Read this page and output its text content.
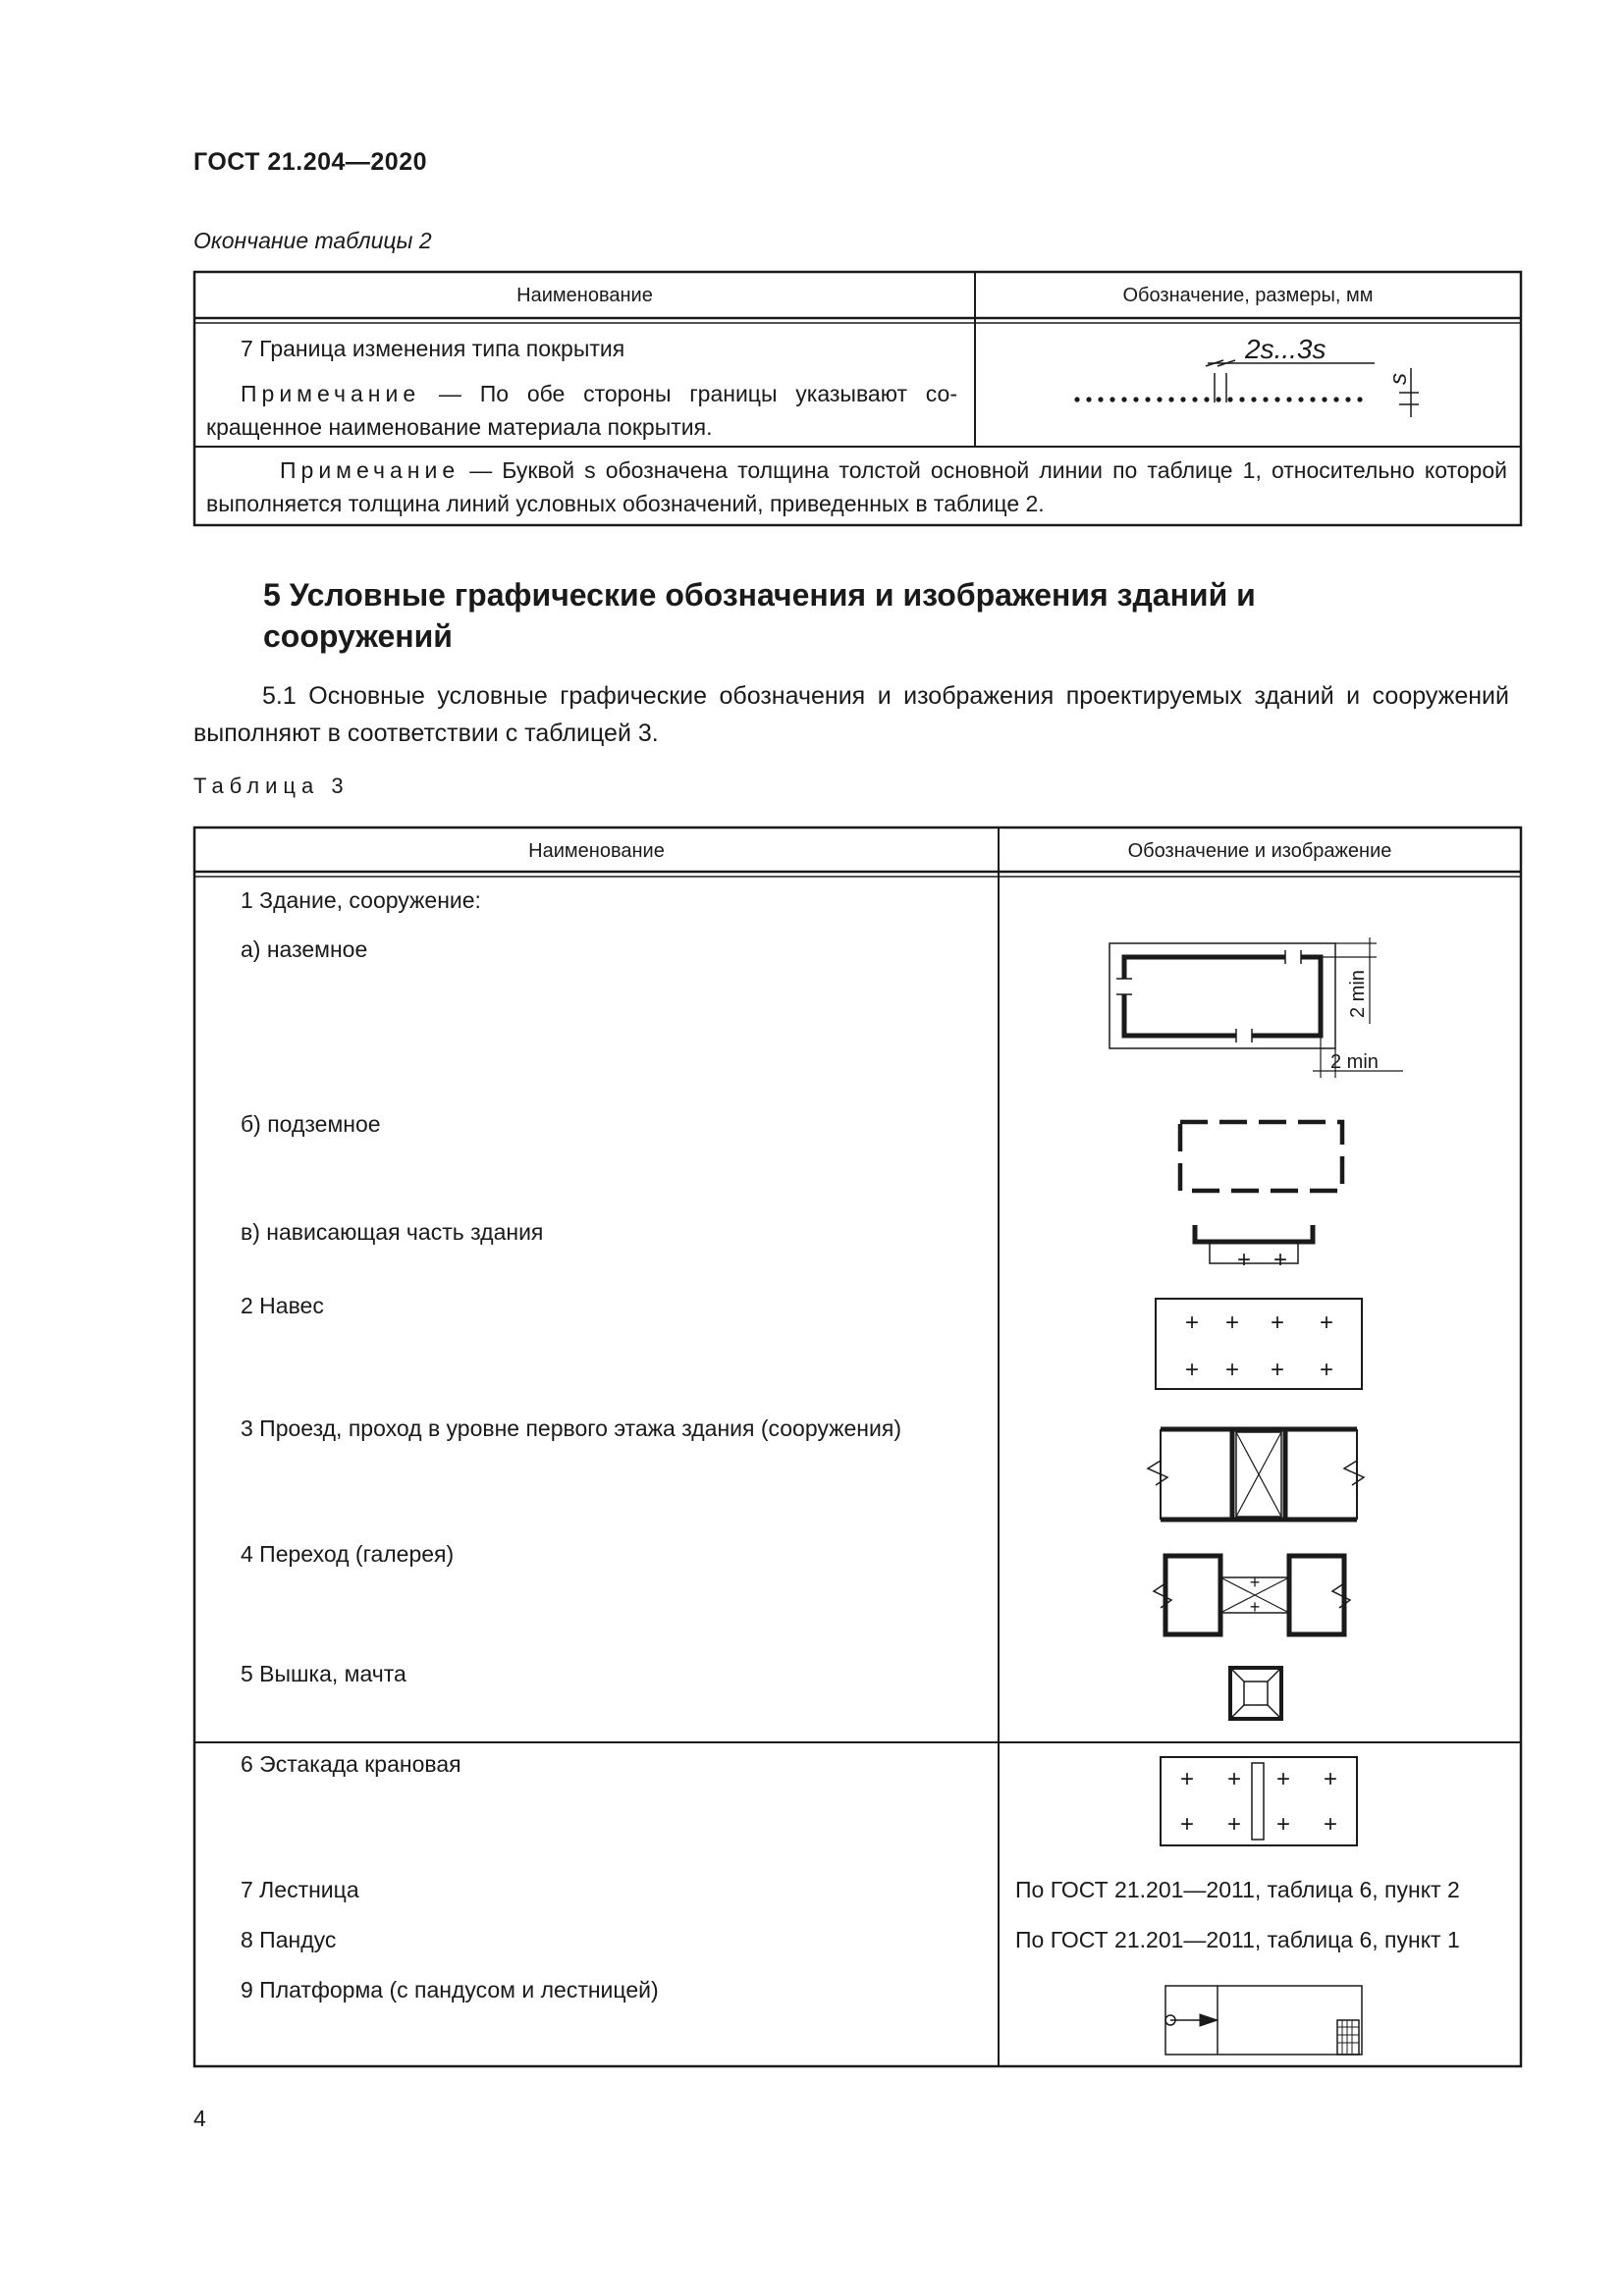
ГОСТ 21.204—2020
Окончание таблицы 2
Наименование	Обозначение, размеры, мм
7 Граница изменения типа покрытия
Примечание — По обе стороны границы указывают сокращенное наименование материала покрытия.
2s...3s
s
Примечание — Буквой s обозначена толщина толстой основной линии по таблице 1, относительно которой выполняется толщина линий условных обозначений, приведенных в таблице 2.
5 Условные графические обозначения и изображения зданий и сооружений
5.1 Основные условные графические обозначения и изображения проектируемых зданий и сооружений выполняют в соответствии с таблицей 3.
Таблица 3
Наименование	Обозначение и изображение
1 Здание, сооружение:
а) наземное
б) подземное
в) нависающая часть здания
2 Навес
3 Проезд, проход в уровне первого этажа здания (сооружения)
4 Переход (галерея)
5 Вышка, мачта
6 Эстакада крановая
7 Лестница
8 Пандус
9 Платформа (с пандусом и лестницей)
По ГОСТ 21.201—2011, таблица 6, пункт 2
По ГОСТ 21.201—2011, таблица 6, пункт 1
+ +
+ + + +
+ + + +
+
+
+ + + +
+ + + +
2 min
2 min
4
